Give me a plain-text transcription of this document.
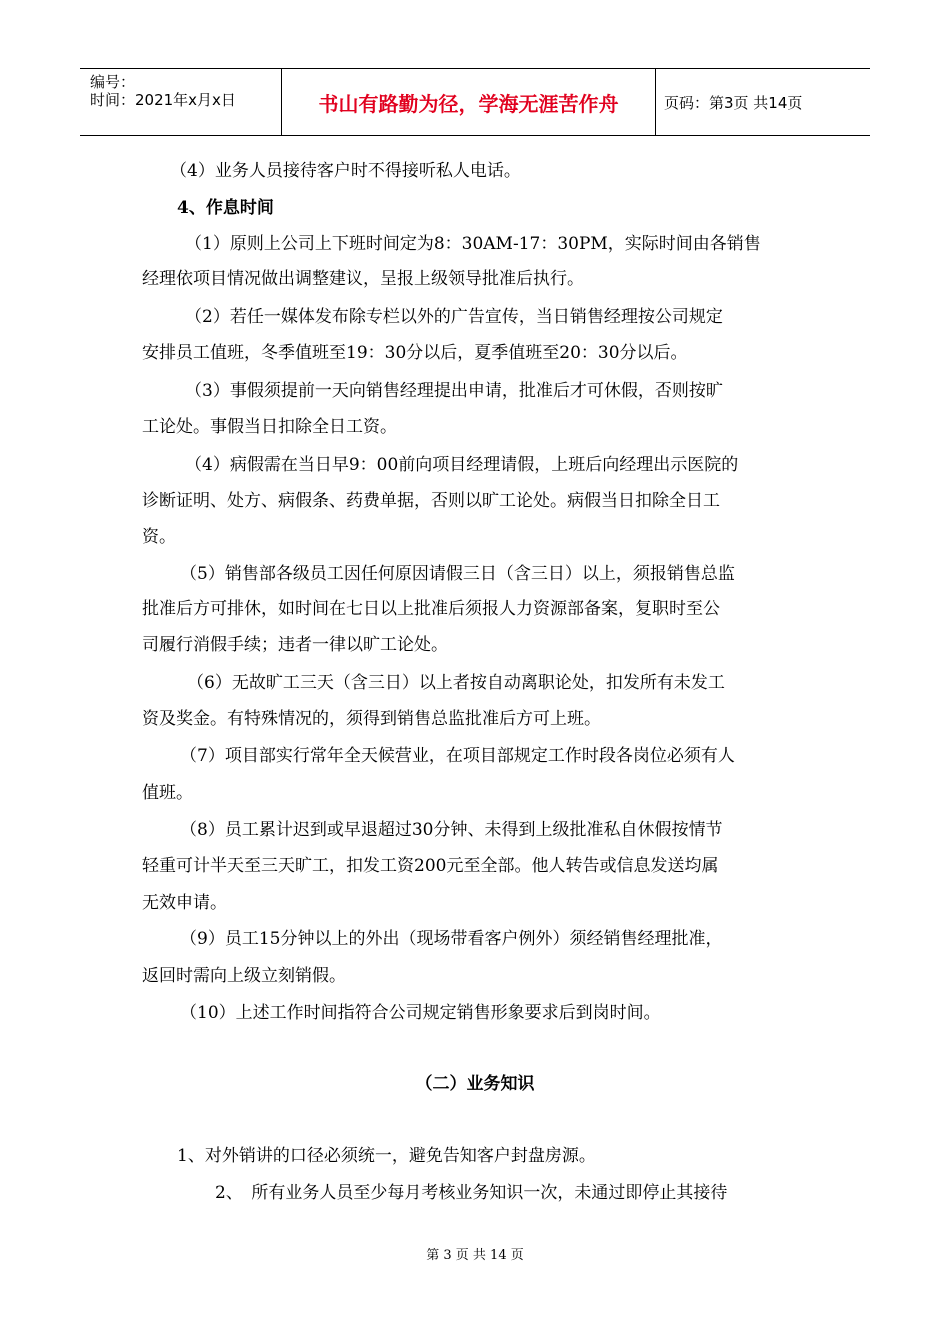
编号：
时间：2021年x月x日	书山有路勤为径，学海无涯苦作舟	页码：第3页 共14页
（4）业务人员接待客户时不得接听私人电话。
4、作息时间
（1）原则上公司上下班时间定为8：30AM-17：30PM，实际时间由各销售
经理依项目情况做出调整建议，呈报上级领导批准后执行。
（2）若任一媒体发布除专栏以外的广告宣传，当日销售经理按公司规定
安排员工值班，冬季值班至19：30分以后，夏季值班至20：30分以后。
（3）事假须提前一天向销售经理提出申请，批准后才可休假，否则按旷
工论处。事假当日扣除全日工资。
（4）病假需在当日早9：00前向项目经理请假，上班后向经理出示医院的
诊断证明、处方、病假条、药费单据，否则以旷工论处。病假当日扣除全日工
资。
（5）销售部各级员工因任何原因请假三日（含三日）以上，须报销售总监
批准后方可排休，如时间在七日以上批准后须报人力资源部备案，复职时至公
司履行消假手续；违者一律以旷工论处。
（6）无故旷工三天（含三日）以上者按自动离职论处，扣发所有未发工
资及奖金。有特殊情况的，须得到销售总监批准后方可上班。
（7）项目部实行常年全天候营业，在项目部规定工作时段各岗位必须有人
值班。
（8）员工累计迟到或早退超过30分钟、未得到上级批准私自休假按情节
轻重可计半天至三天旷工，扣发工资200元至全部。他人转告或信息发送均属
无效申请。
（9）员工15分钟以上的外出（现场带看客户例外）须经销售经理批准，
返回时需向上级立刻销假。
（10）上述工作时间指符合公司规定销售形象要求后到岗时间。
（二）业务知识
1、对外销讲的口径必须统一，避免告知客户封盘房源。
2、　所有业务人员至少每月考核业务知识一次，未通过即停止其接待
第 3 页 共 14 页
